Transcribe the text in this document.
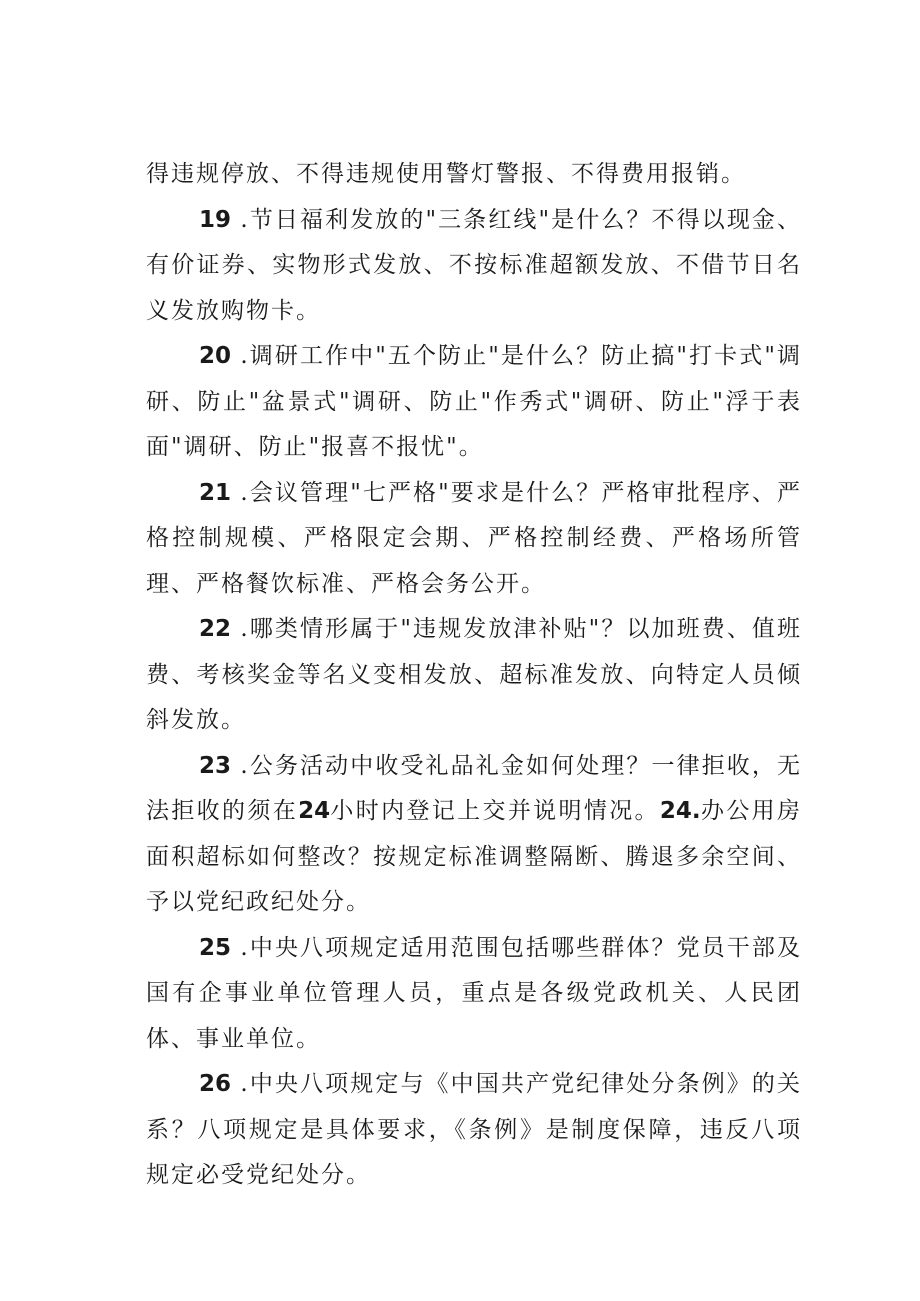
得违规停放、不得违规使用警灯警报、不得费用报销。

19 .节日福利发放的"三条红线"是什么？不得以现金、有价证券、实物形式发放、不按标准超额发放、不借节日名义发放购物卡。

20 .调研工作中"五个防止"是什么？防止搞"打卡式"调研、防止"盆景式"调研、防止"作秀式"调研、防止"浮于表面"调研、防止"报喜不报忧"。

21 .会议管理"七严格"要求是什么？严格审批程序、严格控制规模、严格限定会期、严格控制经费、严格场所管理、严格餐饮标准、严格会务公开。

22 .哪类情形属于"违规发放津补贴"？以加班费、值班费、考核奖金等名义变相发放、超标准发放、向特定人员倾斜发放。

23 .公务活动中收受礼品礼金如何处理？一律拒收，无法拒收的须在24小时内登记上交并说明情况。24.办公用房面积超标如何整改？按规定标准调整隔断、腾退多余空间、予以党纪政纪处分。

25 .中央八项规定适用范围包括哪些群体？党员干部及国有企事业单位管理人员，重点是各级党政机关、人民团体、事业单位。

26 .中央八项规定与《中国共产党纪律处分条例》的关系？八项规定是具体要求，《条例》是制度保障，违反八项规定必受党纪处分。
